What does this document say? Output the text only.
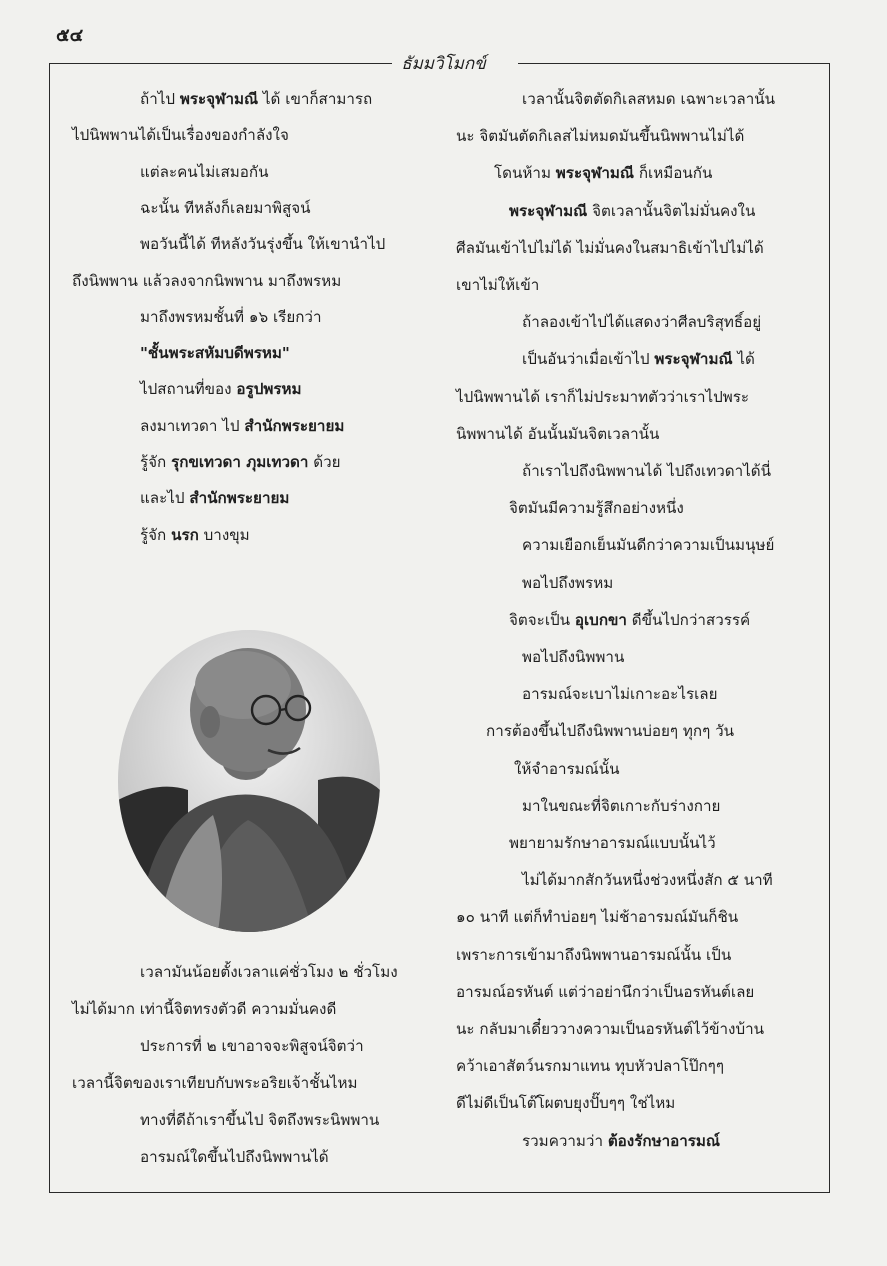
๕๔
ธัมมวิโมกข์
ถ้าไป พระจุฬามณี ได้ เขาก็สามารถ
ไปนิพพานได้เป็นเรื่องของกำลังใจ
แต่ละคนไม่เสมอกัน
ฉะนั้น ทีหลังก็เลยมาพิสูจน์
พอวันนี้ได้ ทีหลังวันรุ่งขึ้น ให้เขานำไป
ถึงนิพพาน แล้วลงจากนิพพาน มาถึงพรหม
มาถึงพรหมชั้นที่ ๑๖ เรียกว่า
"ชั้นพระสหัมบดีพรหม"
ไปสถานที่ของ อรูปพรหม
ลงมาเทวดา ไป สำนักพระยายม
รู้จัก รุกขเทวดา ภุมเทวดา ด้วย
และไป สำนักพระยายม
รู้จัก นรก บางขุม
เวลามันน้อยตั้งเวลาแค่ชั่วโมง ๒ ชั่วโมง
ไม่ได้มาก เท่านี้จิตทรงตัวดี ความมั่นคงดี
ประการที่ ๒ เขาอาจจะพิสูจน์จิตว่า
เวลานี้จิตของเราเทียบกับพระอริยเจ้าชั้นไหม
ทางที่ดีถ้าเราขึ้นไป จิตถึงพระนิพพาน
อารมณ์ใดขึ้นไปถึงนิพพานได้
เวลานั้นจิตตัดกิเลสหมด เฉพาะเวลานั้น
นะ จิตมันตัดกิเลสไม่หมดมันขึ้นนิพพานไม่ได้
โดนห้าม พระจุฬามณี ก็เหมือนกัน
พระจุฬามณี จิตเวลานั้นจิตไม่มั่นคงใน
ศีลมันเข้าไปไม่ได้ ไม่มั่นคงในสมาธิเข้าไปไม่ได้
เขาไม่ให้เข้า
ถ้าลองเข้าไปได้แสดงว่าศีลบริสุทธิ์อยู่
เป็นอันว่าเมื่อเข้าไป พระจุฬามณี ได้
ไปนิพพานได้ เราก็ไม่ประมาทตัวว่าเราไปพระ
นิพพานได้ อันนั้นมันจิตเวลานั้น
ถ้าเราไปถึงนิพพานได้ ไปถึงเทวดาได้นี่
จิตมันมีความรู้สึกอย่างหนึ่ง
ความเยือกเย็นมันดีกว่าความเป็นมนุษย์
พอไปถึงพรหม
จิตจะเป็น อุเบกขา ดีขึ้นไปกว่าสวรรค์
พอไปถึงนิพพาน
อารมณ์จะเบาไม่เกาะอะไรเลย
การต้องขึ้นไปถึงนิพพานบ่อยๆ ทุกๆ วัน
ให้จำอารมณ์นั้น
มาในขณะที่จิตเกาะกับร่างกาย
พยายามรักษาอารมณ์แบบนั้นไว้
ไม่ได้มากสักวันหนึ่งช่วงหนึ่งสัก ๕ นาที
๑๐ นาที แต่ก็ทำบ่อยๆ ไม่ช้าอารมณ์มันก็ชิน
เพราะการเข้ามาถึงนิพพานอารมณ์นั้น เป็น
อารมณ์อรหันต์ แต่ว่าอย่านึกว่าเป็นอรหันต์เลย
นะ กลับมาเดี๋ยววางความเป็นอรหันต์ไว้ข้างบ้าน
คว้าเอาสัตว์นรกมาแทน ทุบหัวปลาโป๊กๆๆ
ดีไม่ดีเป็นโต๊โผตบยุงปั๊บๆๆ ใช่ไหม
รวมความว่า ต้องรักษาอารมณ์
